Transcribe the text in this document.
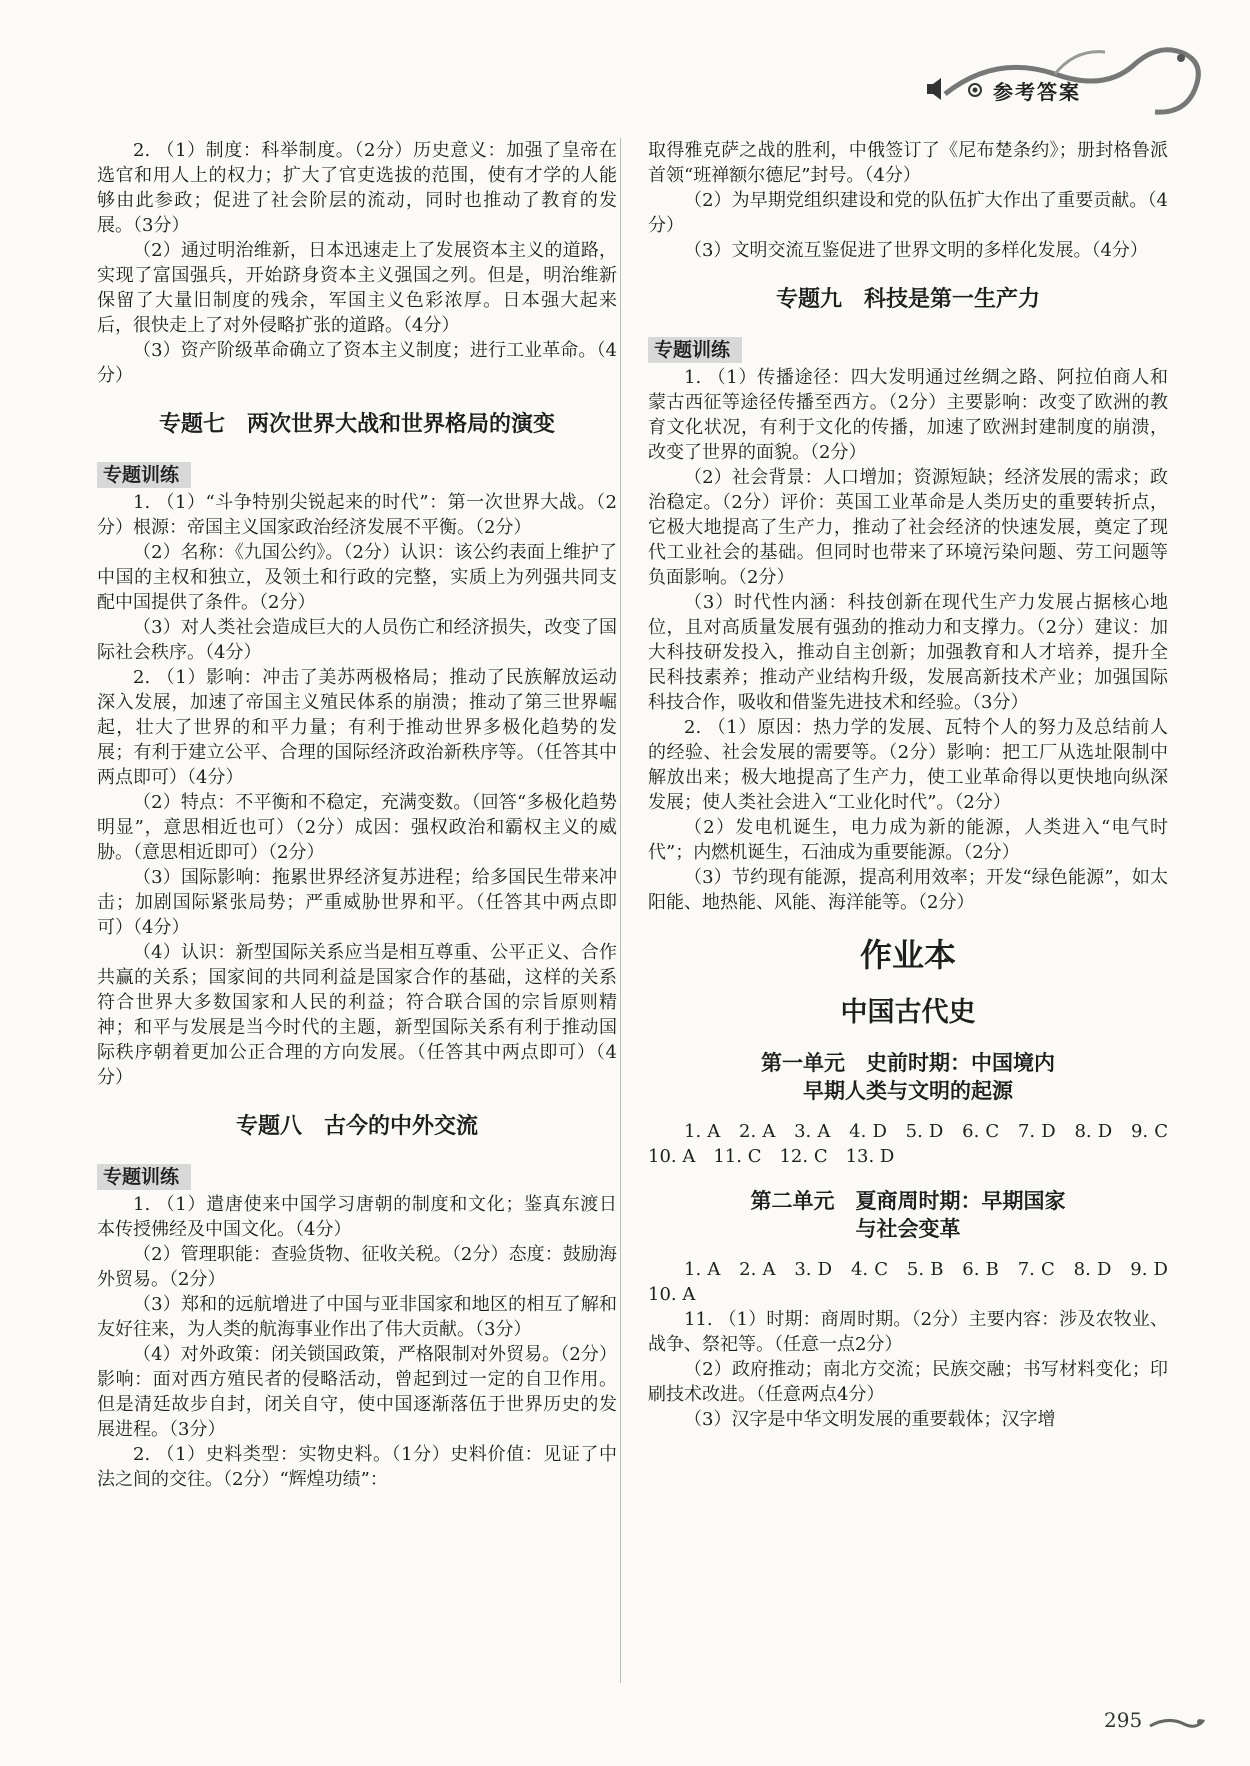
参考答案

2. （1）制度：科举制度。（2分）历史意义：加强了皇帝在选官和用人上的权力；扩大了官吏选拔的范围，使有才学的人能够由此参政；促进了社会阶层的流动，同时也推动了教育的发展。（3分）

（2）通过明治维新，日本迅速走上了发展资本主义的道路，实现了富国强兵，开始跻身资本主义强国之列。但是，明治维新保留了大量旧制度的残余，军国主义色彩浓厚。日本强大起来后，很快走上了对外侵略扩张的道路。（4分）

（3）资产阶级革命确立了资本主义制度；进行工业革命。（4分）

专题七　两次世界大战和世界格局的演变
专题训练

1. （1）“斗争特别尖锐起来的时代”：第一次世界大战。（2分）根源：帝国主义国家政治经济发展不平衡。（2分）

（2）名称：《九国公约》。（2分）认识：该公约表面上维护了中国的主权和独立，及领土和行政的完整，实质上为列强共同支配中国提供了条件。（2分）

（3）对人类社会造成巨大的人员伤亡和经济损失，改变了国际社会秩序。（4分）

2. （1）影响：冲击了美苏两极格局；推动了民族解放运动深入发展，加速了帝国主义殖民体系的崩溃；推动了第三世界崛起，壮大了世界的和平力量；有利于推动世界多极化趋势的发展；有利于建立公平、合理的国际经济政治新秩序等。（任答其中两点即可）（4分）

（2）特点：不平衡和不稳定，充满变数。（回答“多极化趋势明显”，意思相近也可）（2分）成因：强权政治和霸权主义的威胁。（意思相近即可）（2分）

（3）国际影响：拖累世界经济复苏进程；给多国民生带来冲击；加剧国际紧张局势；严重威胁世界和平。（任答其中两点即可）（4分）

（4）认识：新型国际关系应当是相互尊重、公平正义、合作共赢的关系；国家间的共同利益是国家合作的基础，这样的关系符合世界大多数国家和人民的利益；符合联合国的宗旨原则精神；和平与发展是当今时代的主题，新型国际关系有利于推动国际秩序朝着更加公正合理的方向发展。（任答其中两点即可）（4分）

专题八　古今的中外交流
专题训练

1. （1）遣唐使来中国学习唐朝的制度和文化；鉴真东渡日本传授佛经及中国文化。（4分）

（2）管理职能：查验货物、征收关税。（2分）态度：鼓励海外贸易。（2分）

（3）郑和的远航增进了中国与亚非国家和地区的相互了解和友好往来，为人类的航海事业作出了伟大贡献。（3分）

（4）对外政策：闭关锁国政策，严格限制对外贸易。（2分）影响：面对西方殖民者的侵略活动，曾起到过一定的自卫作用。但是清廷故步自封，闭关自守，使中国逐渐落伍于世界历史的发展进程。（3分）

2. （1）史料类型：实物史料。（1分）史料价值：见证了中法之间的交往。（2分）“辉煌功绩”：

取得雅克萨之战的胜利，中俄签订了《尼布楚条约》；册封格鲁派首领“班禅额尔德尼”封号。（4分）

（2）为早期党组织建设和党的队伍扩大作出了重要贡献。（4分）

（3）文明交流互鉴促进了世界文明的多样化发展。（4分）

专题九　科技是第一生产力
专题训练

1. （1）传播途径：四大发明通过丝绸之路、阿拉伯商人和蒙古西征等途径传播至西方。（2分）主要影响：改变了欧洲的教育文化状况，有利于文化的传播，加速了欧洲封建制度的崩溃，改变了世界的面貌。（2分）

（2）社会背景：人口增加；资源短缺；经济发展的需求；政治稳定。（2分）评价：英国工业革命是人类历史的重要转折点，它极大地提高了生产力，推动了社会经济的快速发展，奠定了现代工业社会的基础。但同时也带来了环境污染问题、劳工问题等负面影响。（2分）

（3）时代性内涵：科技创新在现代生产力发展占据核心地位，且对高质量发展有强劲的推动力和支撑力。（2分）建议：加大科技研发投入，推动自主创新；加强教育和人才培养，提升全民科技素养；推动产业结构升级，发展高新技术产业；加强国际科技合作，吸收和借鉴先进技术和经验。（3分）

2. （1）原因：热力学的发展、瓦特个人的努力及总结前人的经验、社会发展的需要等。（2分）影响：把工厂从选址限制中解放出来；极大地提高了生产力，使工业革命得以更快地向纵深发展；使人类社会进入“工业化时代”。（2分）

（2）发电机诞生，电力成为新的能源，人类进入“电气时代”；内燃机诞生，石油成为重要能源。（2分）

（3）节约现有能源，提高利用效率；开发“绿色能源”，如太阳能、地热能、风能、海洋能等。（2分）

作业本
中国古代史
第一单元　史前时期：中国境内
早期人类与文明的起源

1. A　2. A　3. A　4. D　5. D　6. C　7. D　8. D　9. C　10. A　11. C　12. C　13. D

第二单元　夏商周时期：早期国家
与社会变革

1. A　2. A　3. D　4. C　5. B　6. B　7. C　8. D　9. D　10. A

11. （1）时期：商周时期。（2分）主要内容：涉及农牧业、战争、祭祀等。（任意一点2分）

（2）政府推动；南北方交流；民族交融；书写材料变化；印刷技术改进。（任意两点4分）

（3）汉字是中华文明发展的重要载体；汉字增

295
